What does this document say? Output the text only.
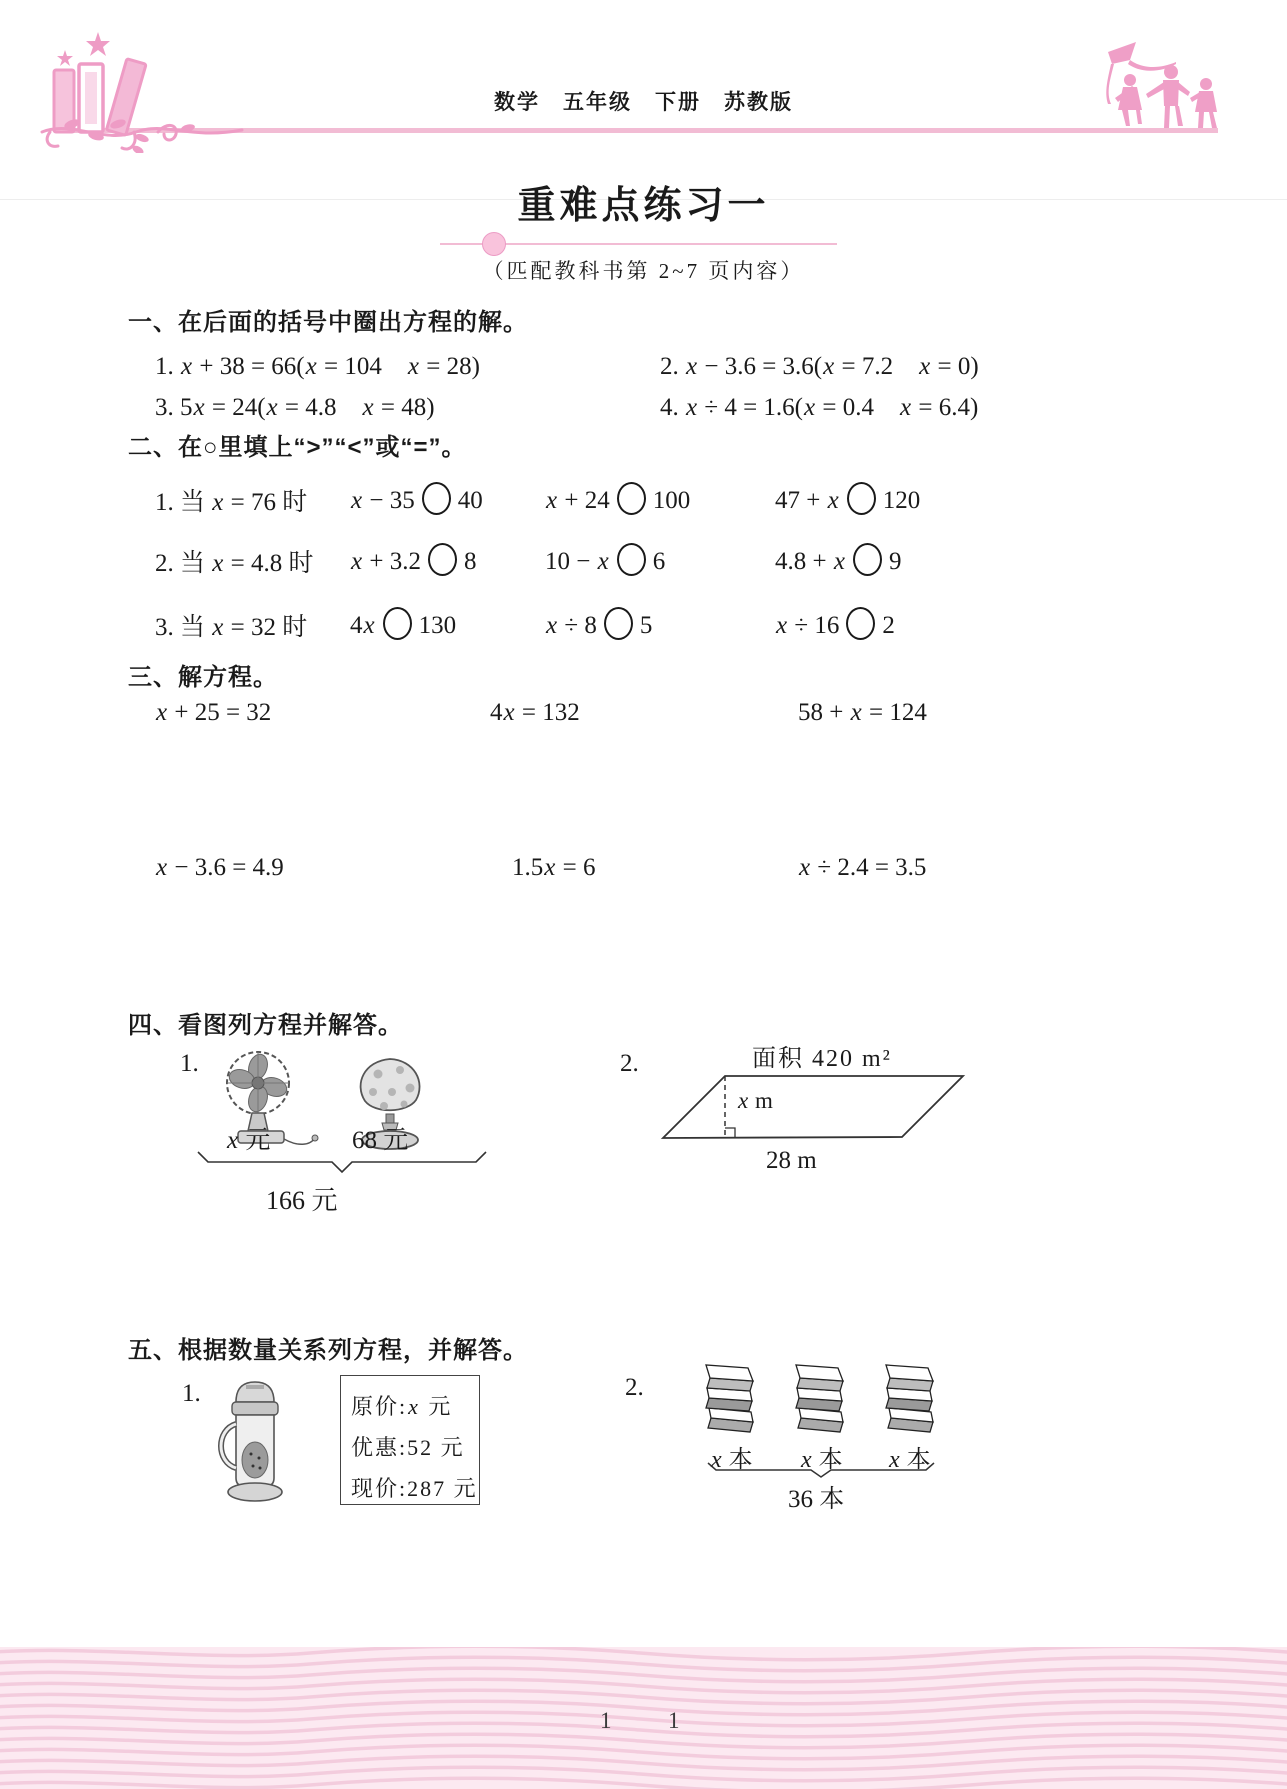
数学　五年级　下册　苏教版
重难点练习一
（匹配教科书第 2~7 页内容）
一、在后面的括号中圈出方程的解。
1. x + 38 = 66(x = 104　x = 28)	2. x − 3.6 = 3.6(x = 7.2　x = 0)
3. 5x = 24(x = 4.8　x = 48)	4. x ÷ 4 = 1.6(x = 0.4　x = 6.4)
二、在○里填上“>”“<”或“=”。
1. 当 x = 76 时 x − 35 40	x + 24 100	47 + x 120
2. 当 x = 4.8 时 x + 3.2 8	10 − x 6	4.8 + x 9
3. 当 x = 32 时 4x 130	x ÷ 8 5	x ÷ 16 2
三、解方程。
x + 25 = 32	4x = 132	58 + x = 124
x − 3.6 = 4.9	1.5x = 6	x ÷ 2.4 = 3.5
四、看图列方程并解答。
1.
x 元	68 元
166 元
2.	面积 420 m²
x m
28 m
五、根据数量关系列方程，并解答。
1.	原价:x 元
优惠:52 元
现价:287 元
2.
x 本 x 本 x 本
36 本
1 1
